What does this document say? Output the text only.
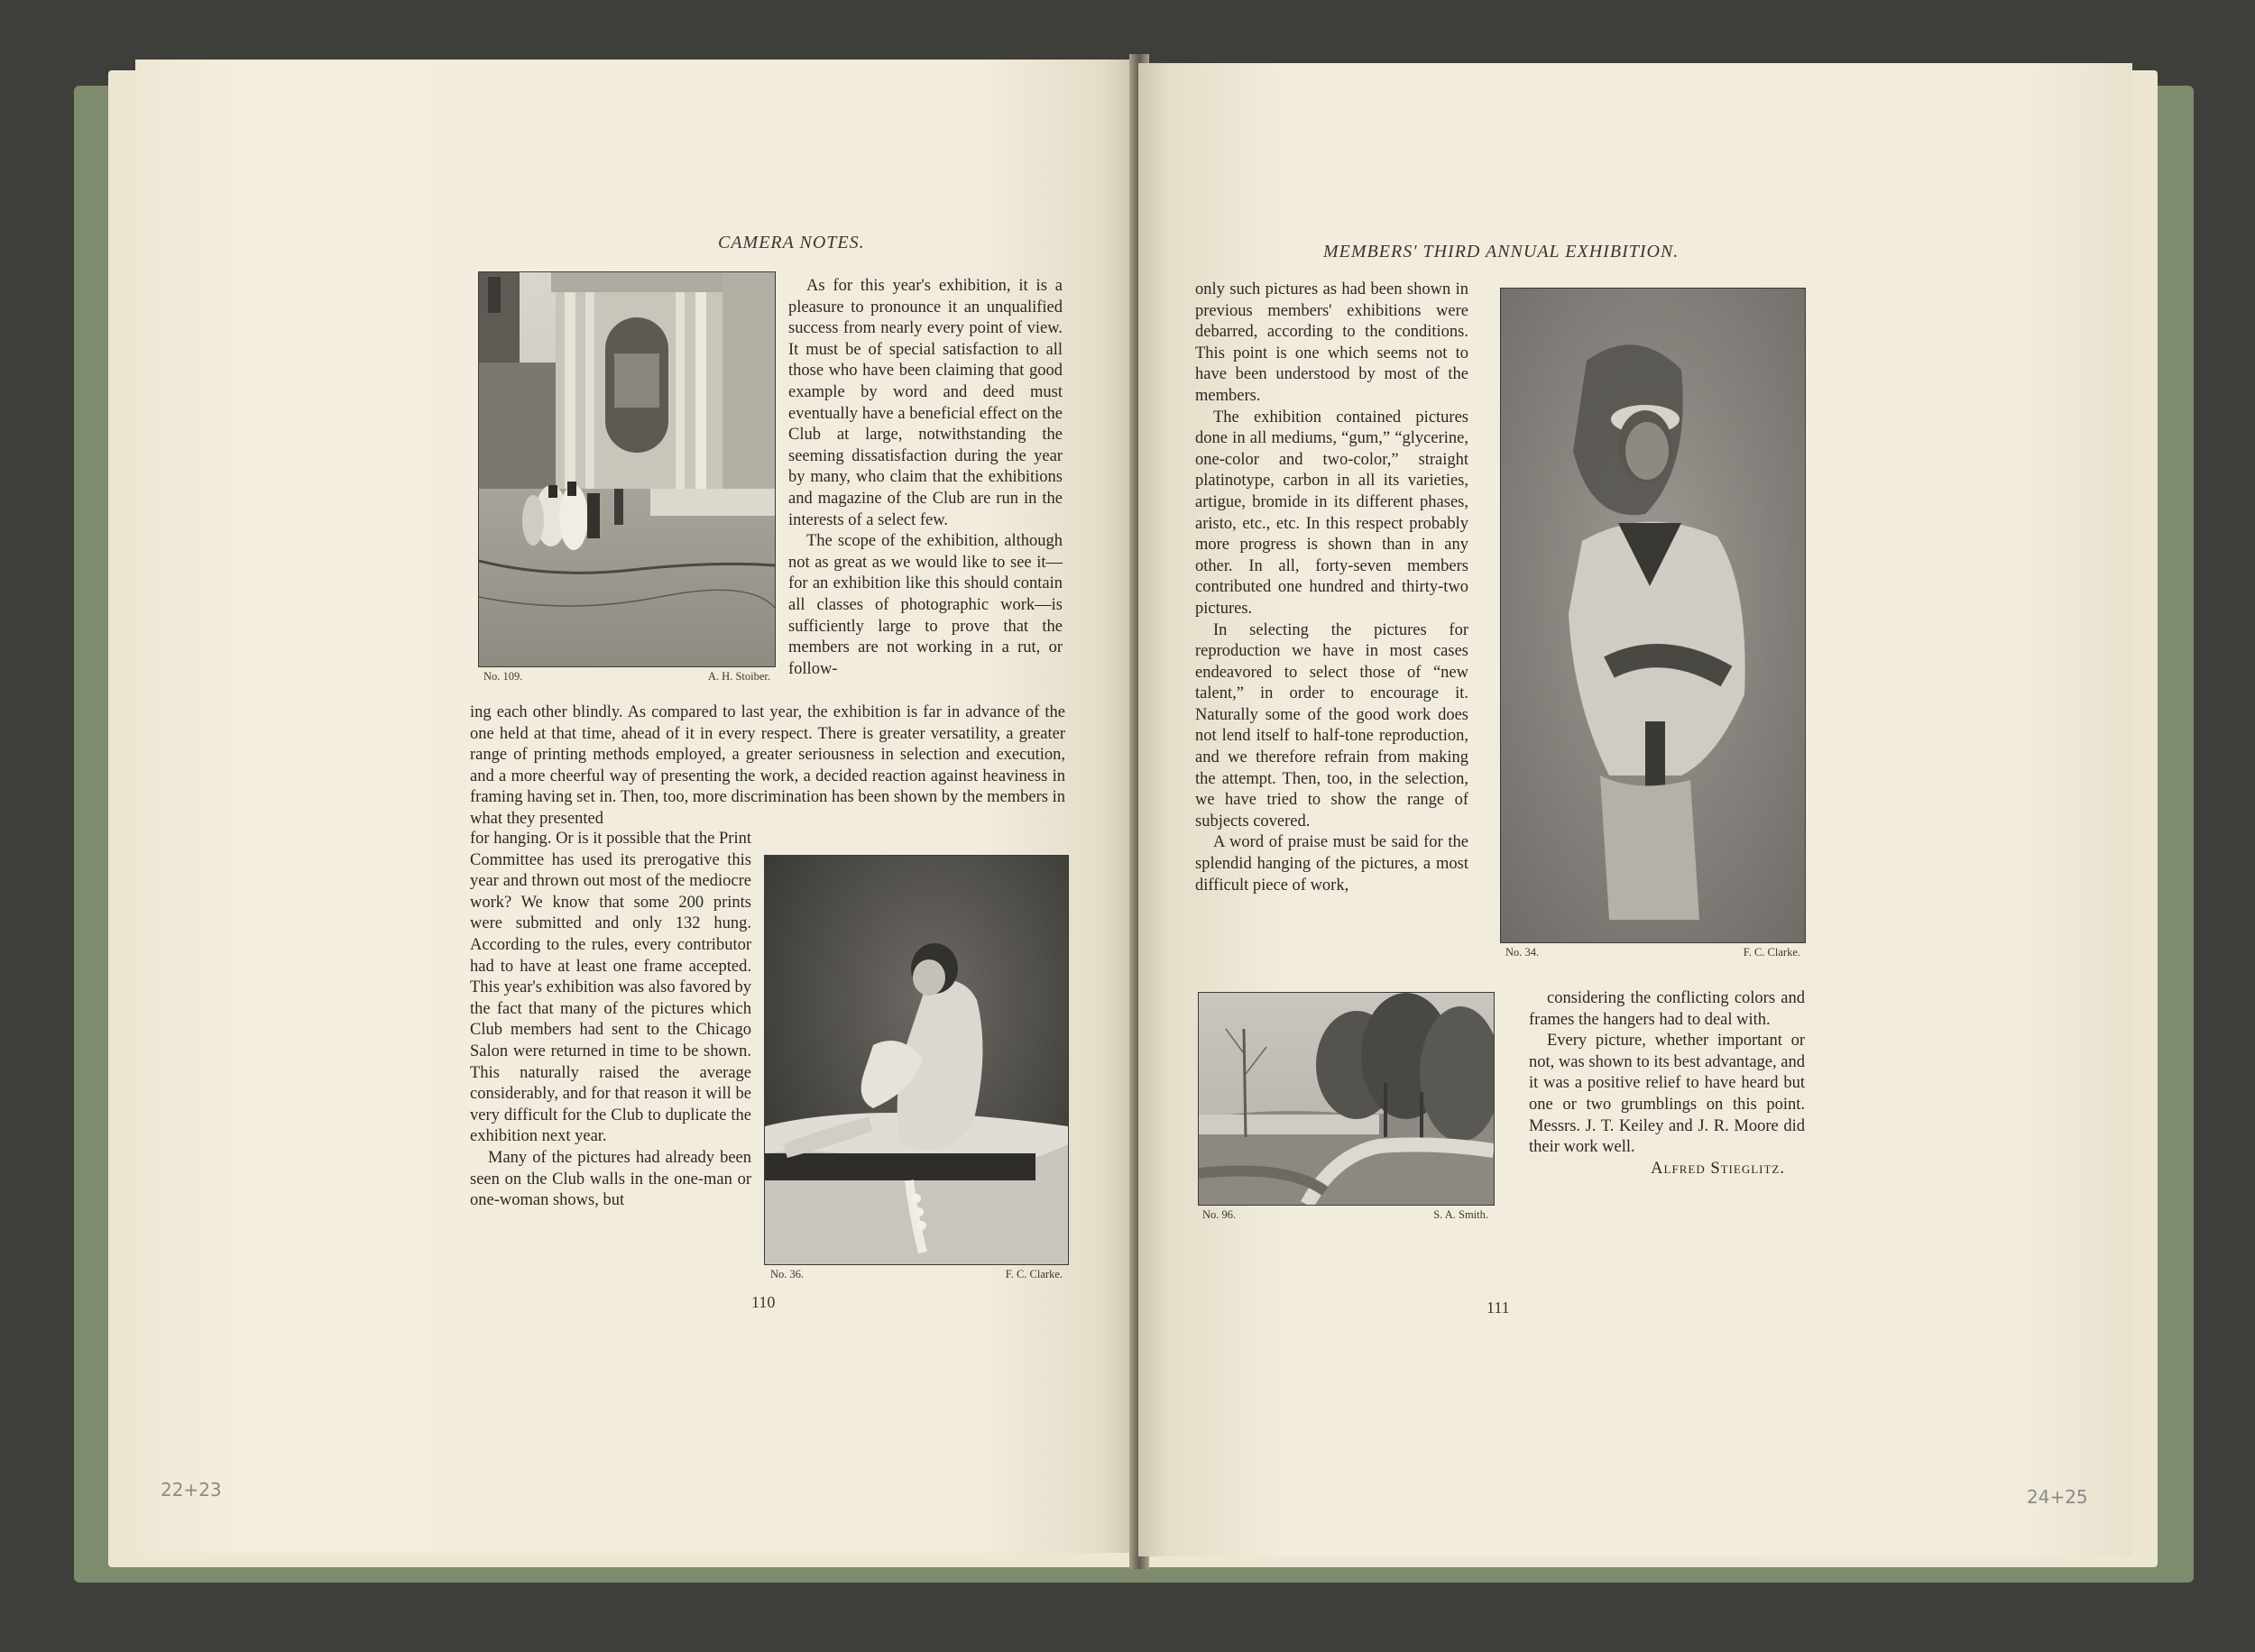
CAMERA NOTES.
No. 109.	A. H. Stoiber.

As for this year's exhibition, it is a pleasure to pronounce it an unqualified success from nearly every point of view. It must be of special satisfaction to all those who have been claiming that good example by word and deed must eventually have a beneficial effect on the Club at large, notwithstanding the seeming dissatisfaction during the year by many, who claim that the exhibitions and magazine of the Club are run in the interests of a select few.

The scope of the exhibition, although not as great as we would like to see it—for an exhibition like this should contain all classes of photographic work—is sufficiently large to prove that the members are not working in a rut, or follow-

ing each other blindly. As compared to last year, the exhibition is far in advance of the one held at that time, ahead of it in every respect. There is greater versatility, a greater range of printing methods employed, a greater seriousness in selection and execution, and a more cheerful way of presenting the work, a decided reaction against heaviness in framing having set in. Then, too, more discrimination has been shown by the members in what they presented

for hanging. Or is it possible that the Print Committee has used its prerogative this year and thrown out most of the mediocre work? We know that some 200 prints were submitted and only 132 hung. According to the rules, every contributor had to have at least one frame accepted. This year's exhibition was also favored by the fact that many of the pictures which Club members had sent to the Chicago Salon were returned in time to be shown. This naturally raised the average considerably, and for that reason it will be very difficult for the Club to duplicate the exhibition next year.

Many of the pictures had already been seen on the Club walls in the one-man or one-woman shows, but

No. 36.	F. C. Clarke.
110
22+23
MEMBERS' THIRD ANNUAL EXHIBITION.

only such pictures as had been shown in previous members' exhibitions were debarred, according to the conditions. This point is one which seems not to have been understood by most of the members.

The exhibition contained pictures done in all mediums, “gum,” “glycerine, one-color and two-color,” straight platinotype, carbon in all its varieties, artigue, bromide in its different phases, aristo, etc., etc. In this respect probably more progress is shown than in any other. In all, forty-seven members contributed one hundred and thirty-two pictures.

In selecting the pictures for reproduction we have in most cases endeavored to select those of “new talent,” in order to encourage it. Naturally some of the good work does not lend itself to half-tone reproduction, and we therefore refrain from making the attempt. Then, too, in the selection, we have tried to show the range of subjects covered.

A word of praise must be said for the splendid hanging of the pictures, a most difficult piece of work,

No. 34.	F. C. Clarke.
No. 96.	S. A. Smith.

considering the conflicting colors and frames the hangers had to deal with.

Every picture, whether important or not, was shown to its best advantage, and it was a positive relief to have heard but one or two grumblings on this point. Messrs. J. T. Keiley and J. R. Moore did their work well.

Alfred Stieglitz.

111
24+25
